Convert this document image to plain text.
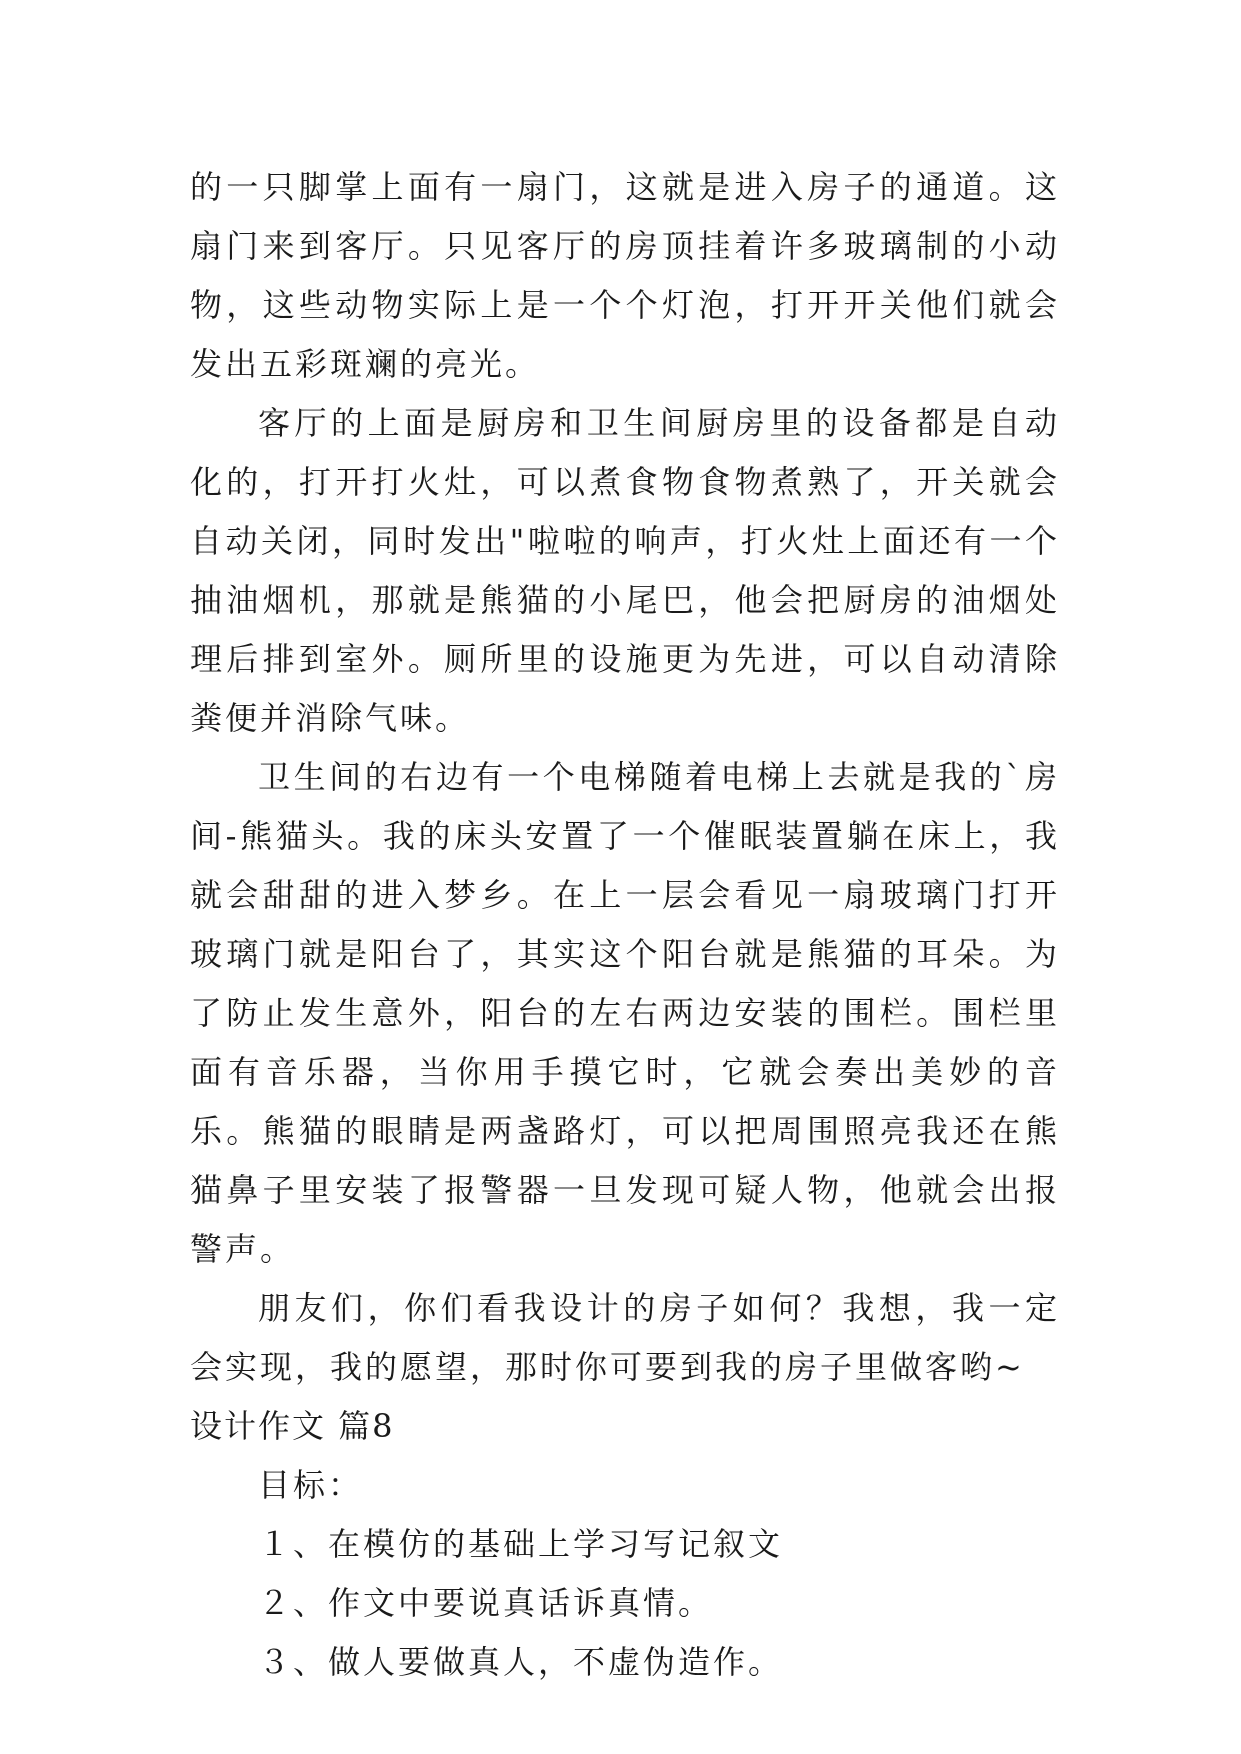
的一只脚掌上面有一扇门，这就是进入房子的通道。这扇门来到客厅。只见客厅的房顶挂着许多玻璃制的小动物，这些动物实际上是一个个灯泡，打开开关他们就会发出五彩斑斓的亮光。

客厅的上面是厨房和卫生间厨房里的设备都是自动化的，打开打火灶，可以煮食物食物煮熟了，开关就会自动关闭，同时发出"啦啦的响声，打火灶上面还有一个抽油烟机，那就是熊猫的小尾巴，他会把厨房的油烟处理后排到室外。厕所里的设施更为先进，可以自动清除粪便并消除气味。

卫生间的右边有一个电梯随着电梯上去就是我的`房间-熊猫头。我的床头安置了一个催眠装置躺在床上，我就会甜甜的进入梦乡。在上一层会看见一扇玻璃门打开玻璃门就是阳台了，其实这个阳台就是熊猫的耳朵。为了防止发生意外，阳台的左右两边安装的围栏。围栏里面有音乐器，当你用手摸它时，它就会奏出美妙的音乐。熊猫的眼睛是两盏路灯，可以把周围照亮我还在熊猫鼻子里安装了报警器一旦发现可疑人物，他就会出报警声。

朋友们，你们看我设计的房子如何？我想，我一定会实现，我的愿望，那时你可要到我的房子里做客哟~

设计作文 篇8

目标：

１、在模仿的基础上学习写记叙文

２、作文中要说真话诉真情。

３、做人要做真人，不虚伪造作。
